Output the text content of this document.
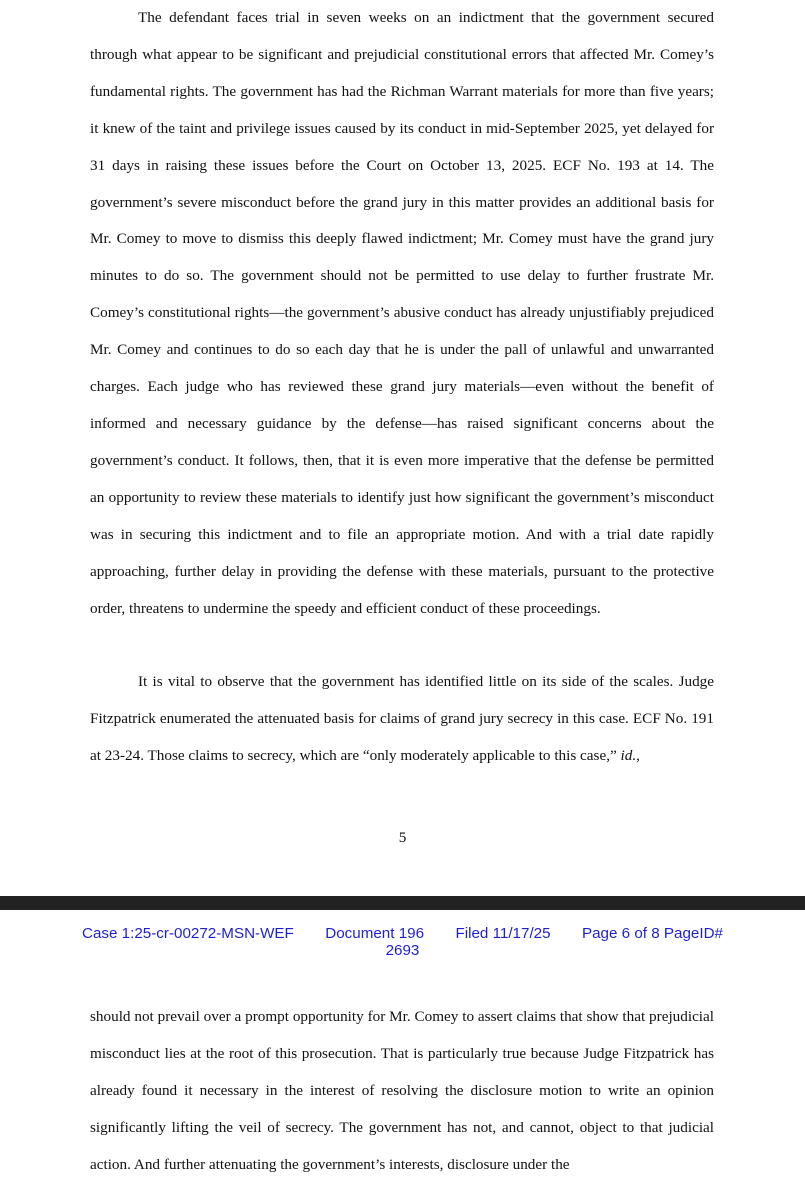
The defendant faces trial in seven weeks on an indictment that the government secured through what appear to be significant and prejudicial constitutional errors that affected Mr. Comey’s fundamental rights. The government has had the Richman Warrant materials for more than five years; it knew of the taint and privilege issues caused by its conduct in mid-September 2025, yet delayed for 31 days in raising these issues before the Court on October 13, 2025. ECF No. 193 at 14. The government’s severe misconduct before the grand jury in this matter provides an additional basis for Mr. Comey to move to dismiss this deeply flawed indictment; Mr. Comey must have the grand jury minutes to do so. The government should not be permitted to use delay to further frustrate Mr. Comey’s constitutional rights—the government’s abusive conduct has already unjustifiably prejudiced Mr. Comey and continues to do so each day that he is under the pall of unlawful and unwarranted charges. Each judge who has reviewed these grand jury materials—even without the benefit of informed and necessary guidance by the defense—has raised significant concerns about the government’s conduct. It follows, then, that it is even more imperative that the defense be permitted an opportunity to review these materials to identify just how significant the government’s misconduct was in securing this indictment and to file an appropriate motion. And with a trial date rapidly approaching, further delay in providing the defense with these materials, pursuant to the protective order, threatens to undermine the speedy and efficient conduct of these proceedings.

It is vital to observe that the government has identified little on its side of the scales. Judge Fitzpatrick enumerated the attenuated basis for claims of grand jury secrecy in this case. ECF No. 191 at 23-24. Those claims to secrecy, which are “only moderately applicable to this case,” id.,

5
Case 1:25-cr-00272-MSN-WEF Document 196 Filed 11/17/25 Page 6 of 8 PageID#
2693

should not prevail over a prompt opportunity for Mr. Comey to assert claims that show that prejudicial misconduct lies at the root of this prosecution. That is particularly true because Judge Fitzpatrick has already found it necessary in the interest of resolving the disclosure motion to write an opinion significantly lifting the veil of secrecy. The government has not, and cannot, object to that judicial action. And further attenuating the government’s interests, disclosure under the
